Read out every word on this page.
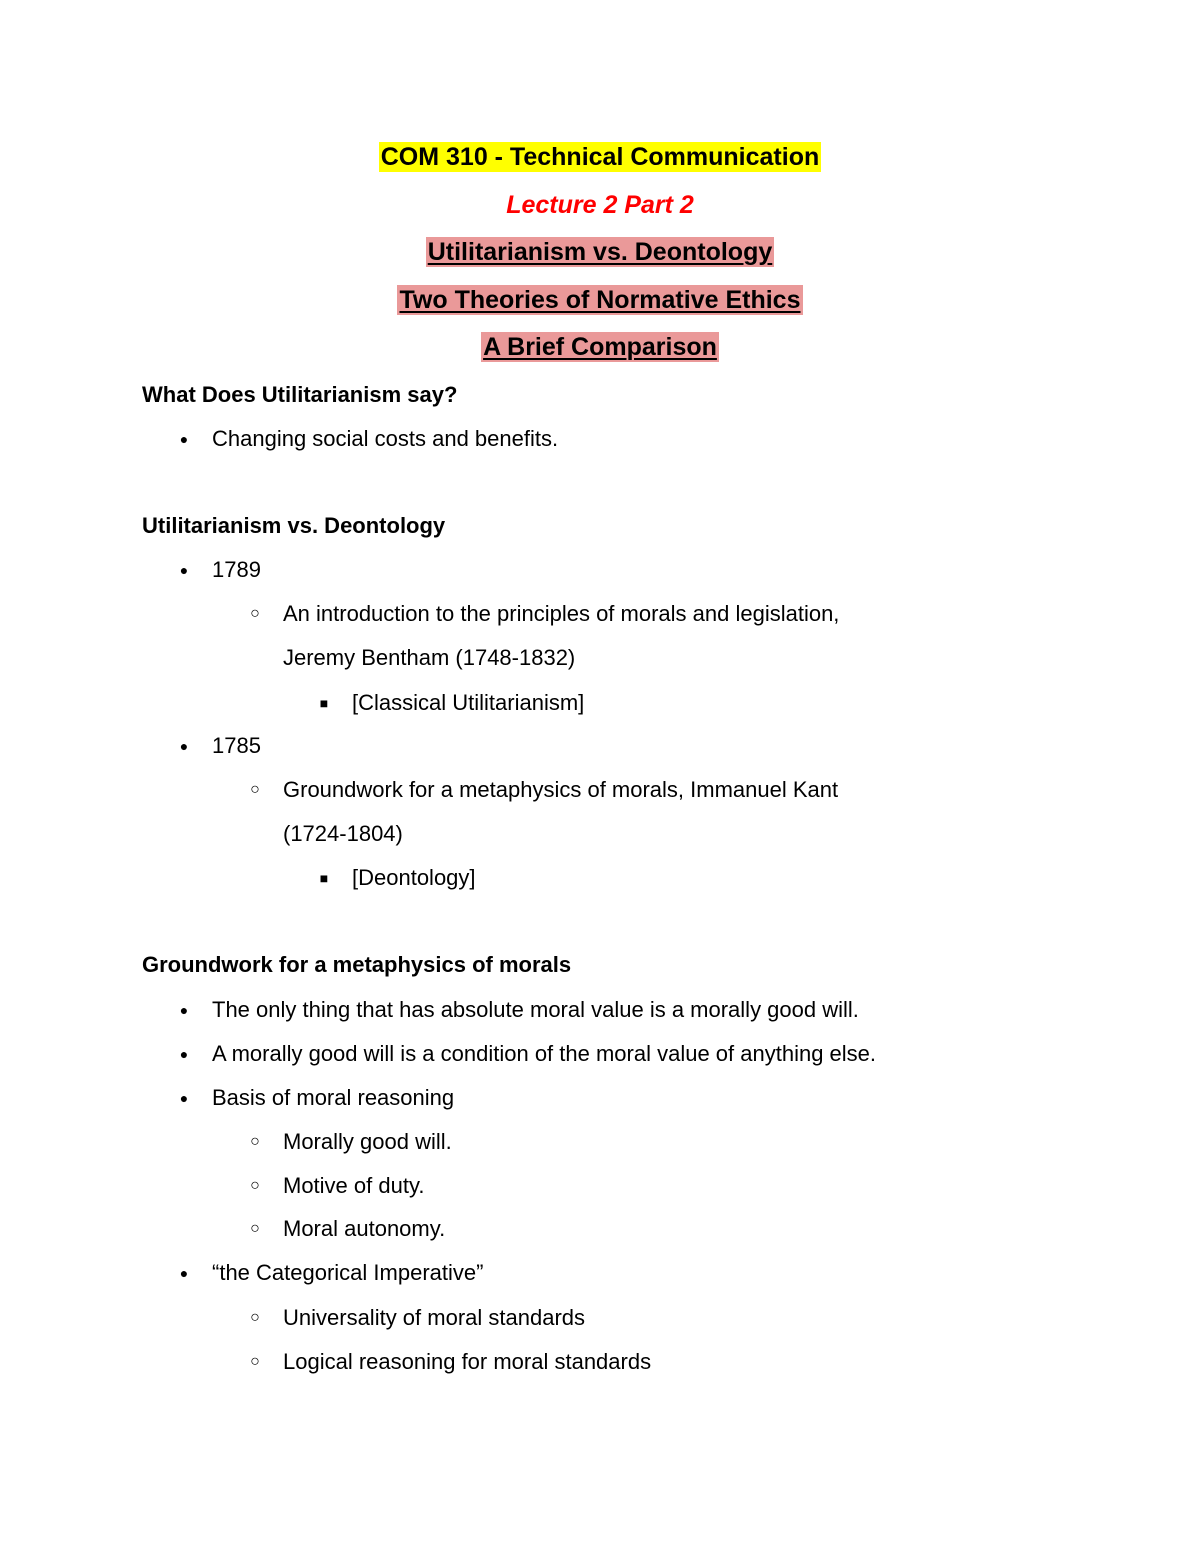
COM 310 - Technical Communication
Lecture 2 Part 2
Utilitarianism vs. Deontology
Two Theories of Normative Ethics
A Brief Comparison
What Does Utilitarianism say?
● Changing social costs and benefits.
Utilitarianism vs. Deontology
● 1789
○ An introduction to the principles of morals and legislation,
Jeremy Bentham (1748-1832)
■ [Classical Utilitarianism]
● 1785
○ Groundwork for a metaphysics of morals, Immanuel Kant
(1724-1804)
■ [Deontology]
Groundwork for a metaphysics of morals
● The only thing that has absolute moral value is a morally good will.
● A morally good will is a condition of the moral value of anything else.
● Basis of moral reasoning
○ Morally good will.
○ Motive of duty.
○ Moral autonomy.
● “the Categorical Imperative”
○ Universality of moral standards
○ Logical reasoning for moral standards
